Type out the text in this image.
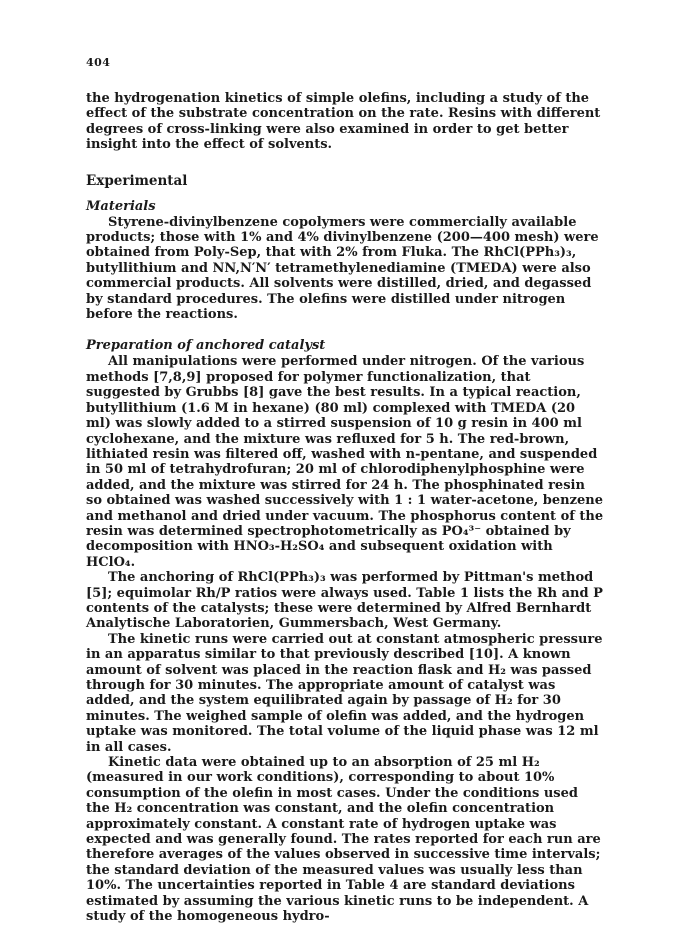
404

the hydrogenation kinetics of simple olefins, including a study of the effect of the substrate concentration on the rate. Resins with different degrees of cross-linking were also examined in order to get better insight into the effect of solvents.

Experimental
Materials

Styrene-divinylbenzene copolymers were commercially available products; those with 1% and 4% divinylbenzene (200—400 mesh) were obtained from Poly-Sep, that with 2% from Fluka. The RhCl(PPh₃)₃, butyllithium and NN,N′N′ tetramethylenediamine (TMEDA) were also commercial products. All solvents were distilled, dried, and degassed by standard procedures. The olefins were distilled under nitrogen before the reactions.

Preparation of anchored catalyst

All manipulations were performed under nitrogen. Of the various methods [7,8,9] proposed for polymer functionalization, that suggested by Grubbs [8] gave the best results. In a typical reaction, butyllithium (1.6 M in hexane) (80 ml) complexed with TMEDA (20 ml) was slowly added to a stirred suspension of 10 g resin in 400 ml cyclohexane, and the mixture was refluxed for 5 h. The red-brown, lithiated resin was filtered off, washed with n-pentane, and suspended in 50 ml of tetrahydrofuran; 20 ml of chlorodiphenylphosphine were added, and the mixture was stirred for 24 h. The phosphinated resin so obtained was washed successively with 1 : 1 water-acetone, benzene and methanol and dried under vacuum. The phosphorus content of the resin was determined spectrophotometrically as PO₄³⁻ obtained by decomposition with HNO₃-H₂SO₄ and subsequent oxidation with HClO₄.

The anchoring of RhCl(PPh₃)₃ was performed by Pittman's method [5]; equimolar Rh/P ratios were always used. Table 1 lists the Rh and P contents of the catalysts; these were determined by Alfred Bernhardt Analytische Laboratorien, Gummersbach, West Germany.

The kinetic runs were carried out at constant atmospheric pressure in an apparatus similar to that previously described [10]. A known amount of solvent was placed in the reaction flask and H₂ was passed through for 30 minutes. The appropriate amount of catalyst was added, and the system equilibrated again by passage of H₂ for 30 minutes. The weighed sample of olefin was added, and the hydrogen uptake was monitored. The total volume of the liquid phase was 12 ml in all cases.

Kinetic data were obtained up to an absorption of 25 ml H₂ (measured in our work conditions), corresponding to about 10% consumption of the olefin in most cases. Under the conditions used the H₂ concentration was constant, and the olefin concentration approximately constant. A constant rate of hydrogen uptake was expected and was generally found. The rates reported for each run are therefore averages of the values observed in successive time intervals; the standard deviation of the measured values was usually less than 10%. The uncertainties reported in Table 4 are standard deviations estimated by assuming the various kinetic runs to be independent. A study of the homogeneous hydro-
